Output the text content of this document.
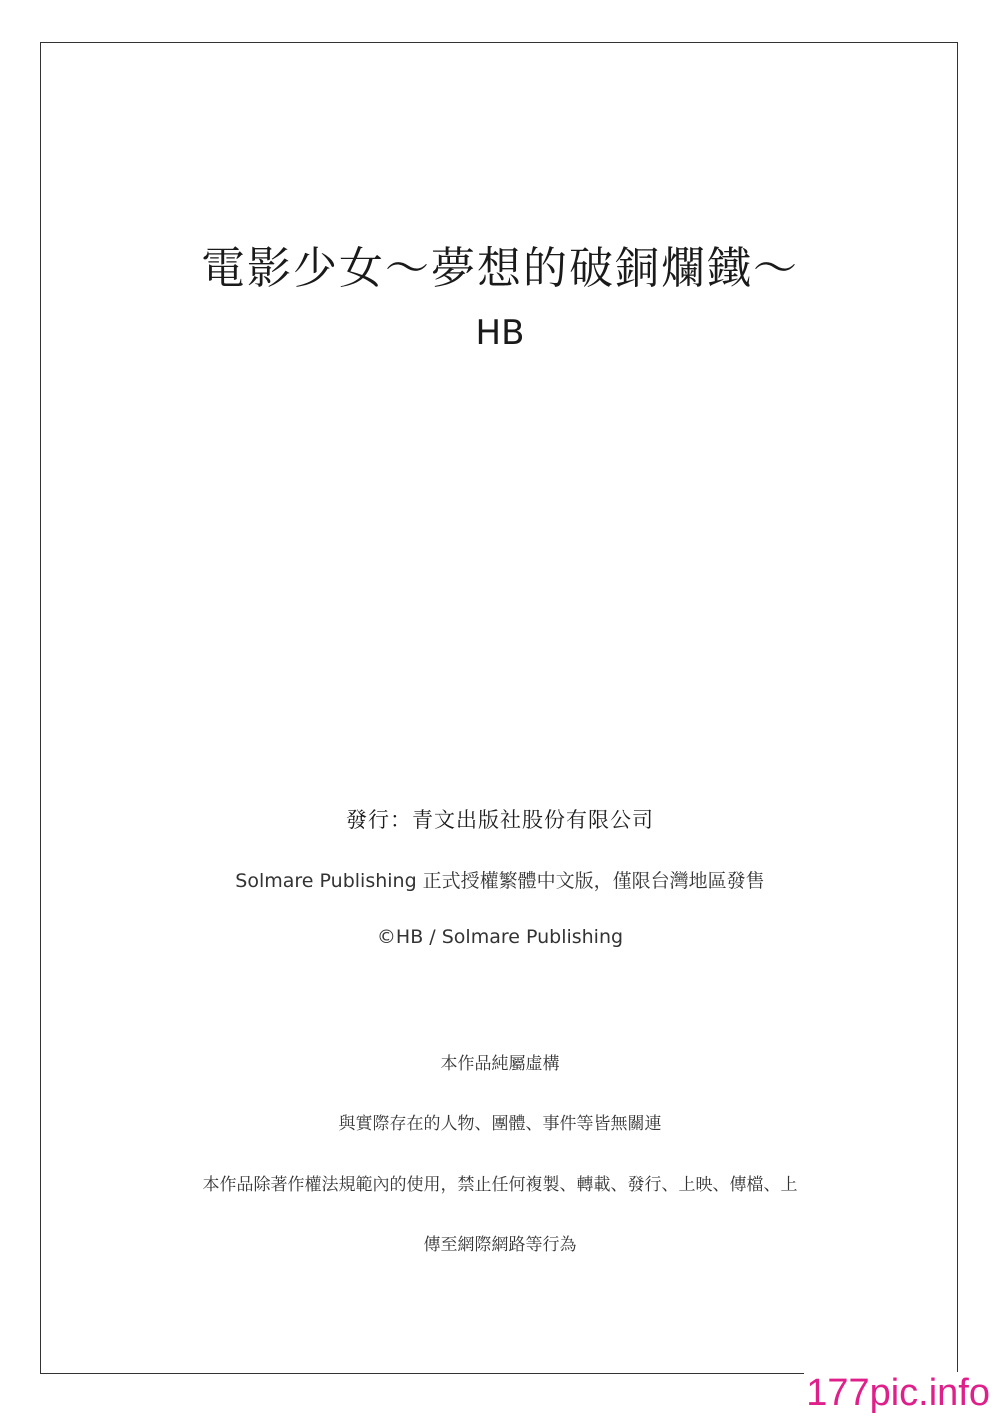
電影少女～夢想的破銅爛鐵～
HB
發行：青文出版社股份有限公司
Solmare Publishing 正式授權繁體中文版，僅限台灣地區發售
©HB / Solmare Publishing
本作品純屬虛構
與實際存在的人物、團體、事件等皆無關連
本作品除著作權法規範內的使用，禁止任何複製、轉載、發行、上映、傳檔、上
傳至網際網路等行為
177pic.info
